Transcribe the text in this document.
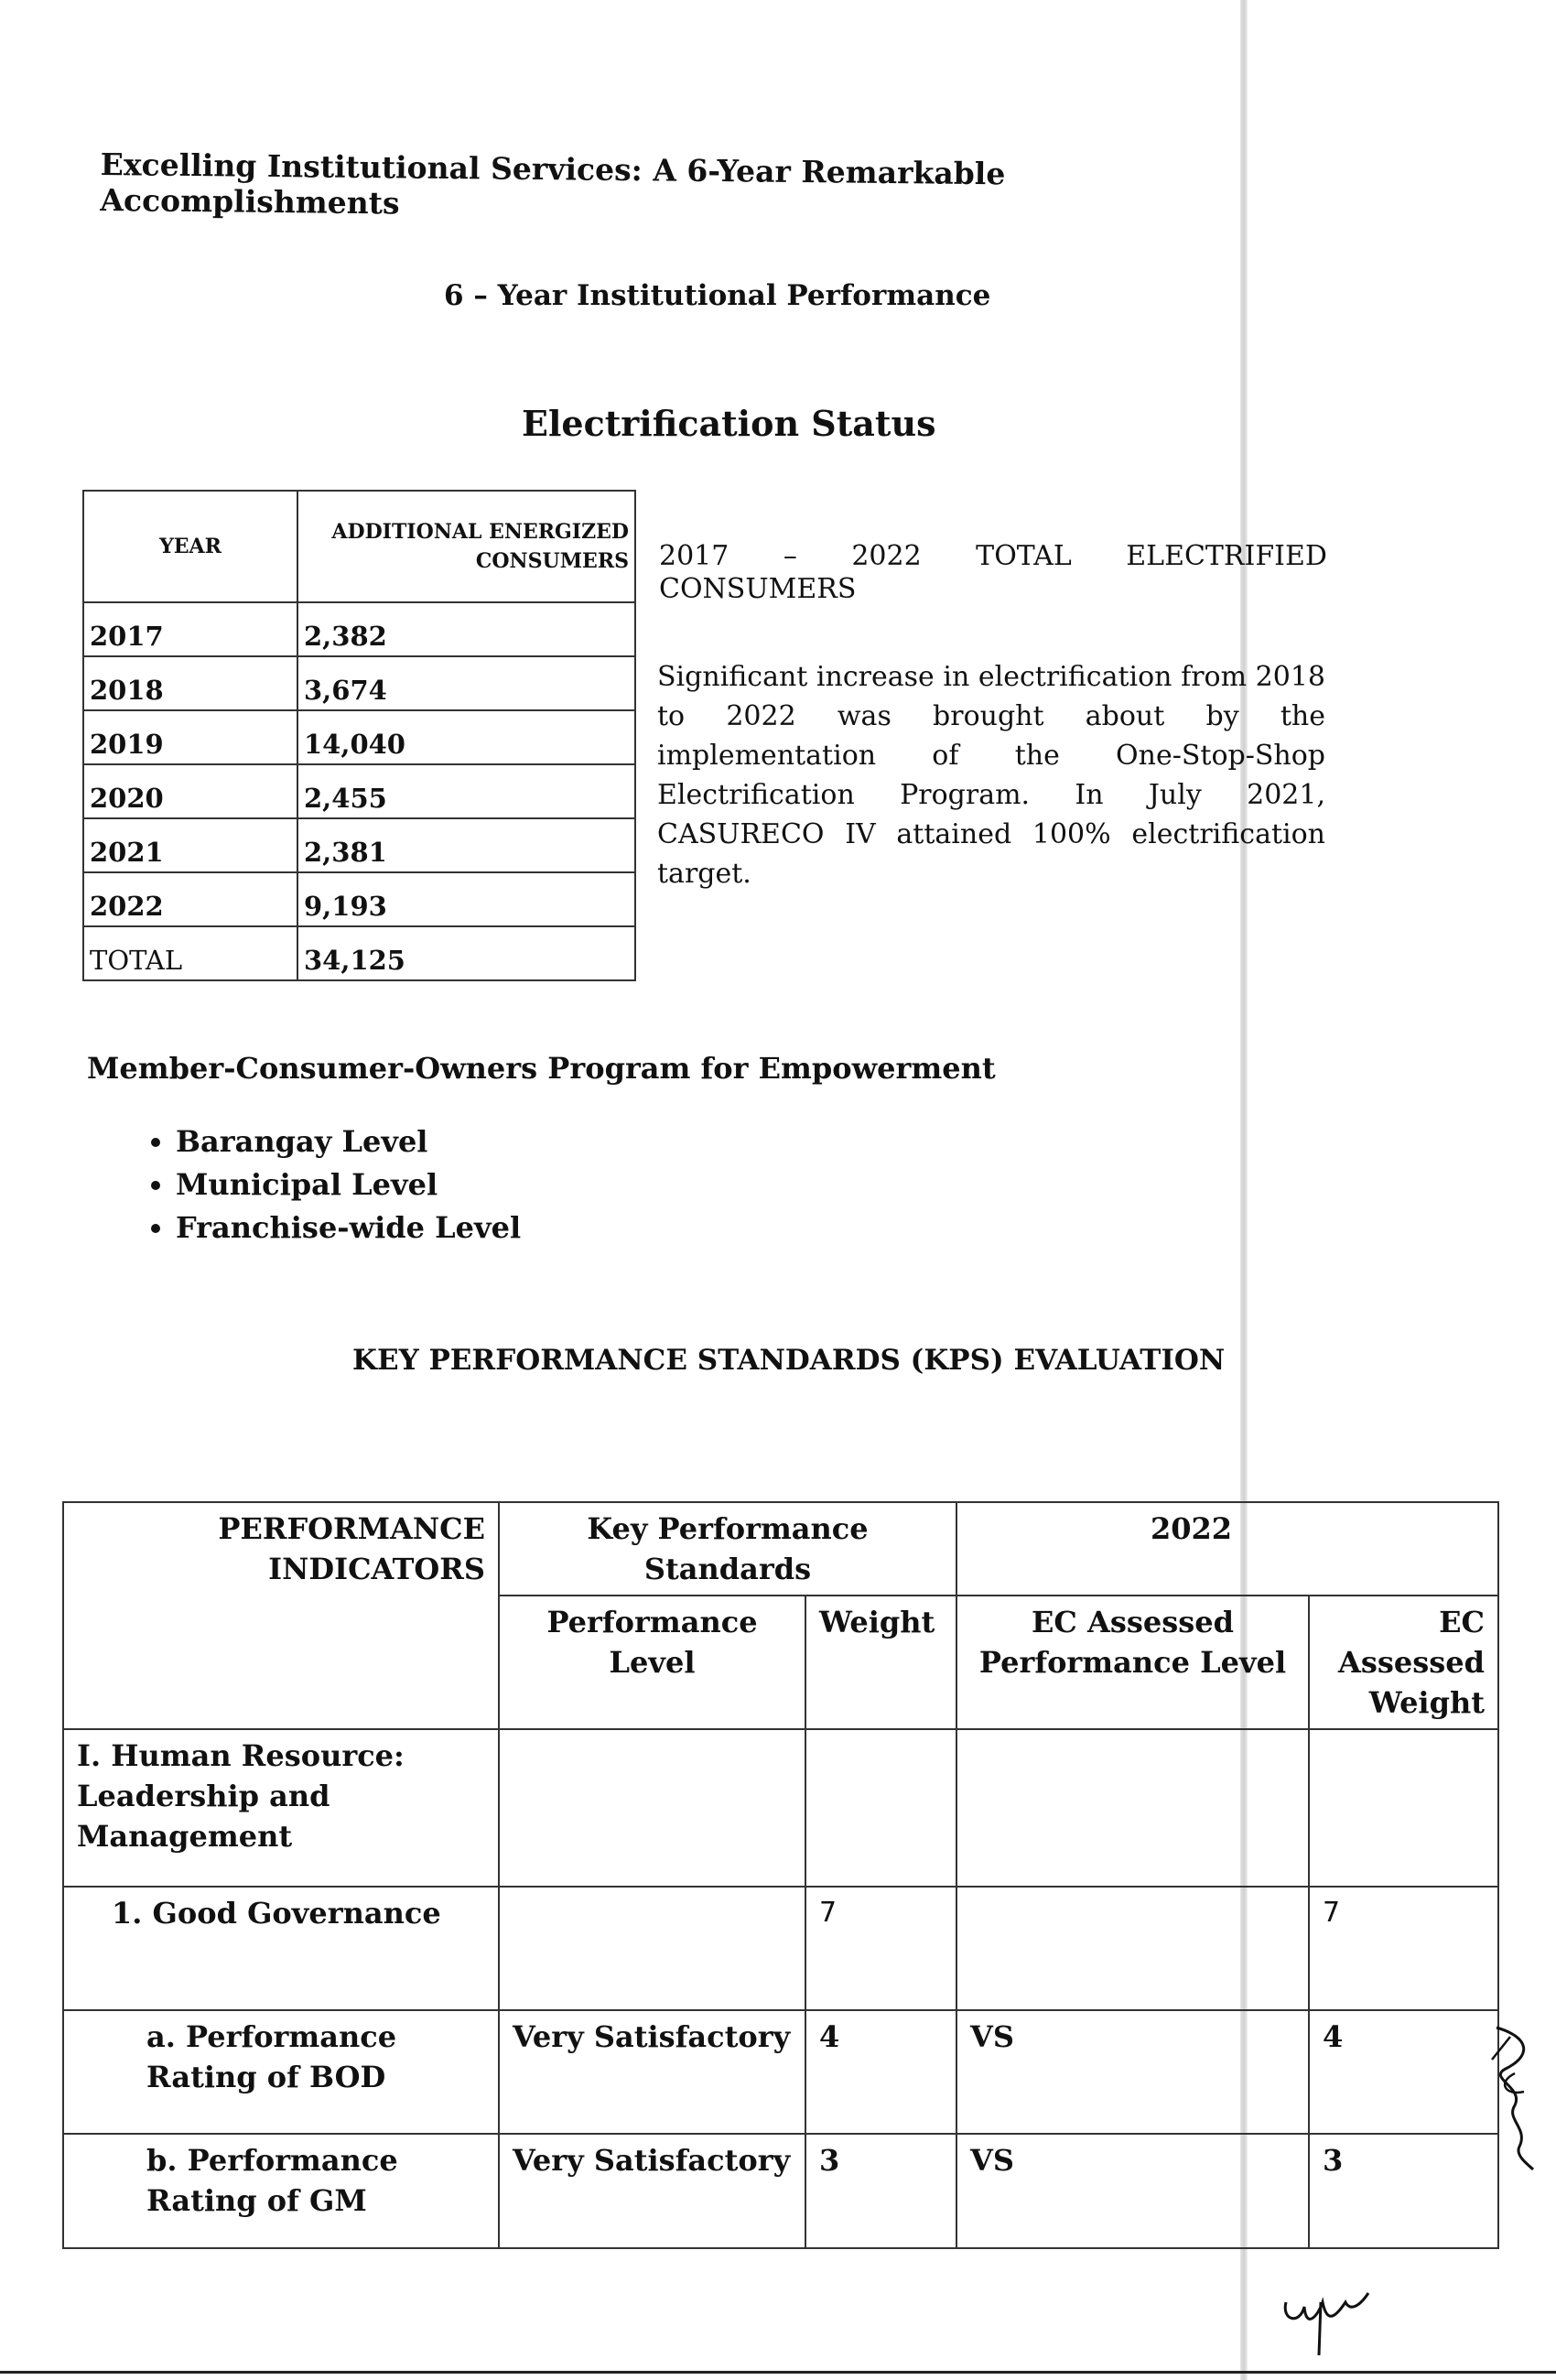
Excelling Institutional Services: A 6-Year Remarkable Accomplishments
6 – Year Institutional Performance
Electrification Status
YEAR	ADDITIONAL ENERGIZED CONSUMERS
2017	2,382
2018	3,674
2019	14,040
2020	2,455
2021	2,381
2022	9,193
TOTAL	34,125
2017 – 2022 TOTAL ELECTRIFIED CONSUMERS
Significant increase in electrification from 2018 to 2022 was brought about by the implementation of the One-Stop-Shop Electrification Program. In July 2021, CASURECO IV attained 100% electrification target.
Member-Consumer-Owners Program for Empowerment
• Barangay Level
• Municipal Level
• Franchise-wide Level
KEY PERFORMANCE STANDARDS (KPS) EVALUATION
PERFORMANCE INDICATORS	Key Performance Standards		2022	
	Performance Level	Weight	EC Assessed Performance Level	EC Assessed Weight
I. Human Resource: Leadership and Management				
1. Good Governance		7		7
a. Performance Rating of BOD	Very Satisfactory	4	VS	4
b. Performance Rating of GM	Very Satisfactory	3	VS	3
